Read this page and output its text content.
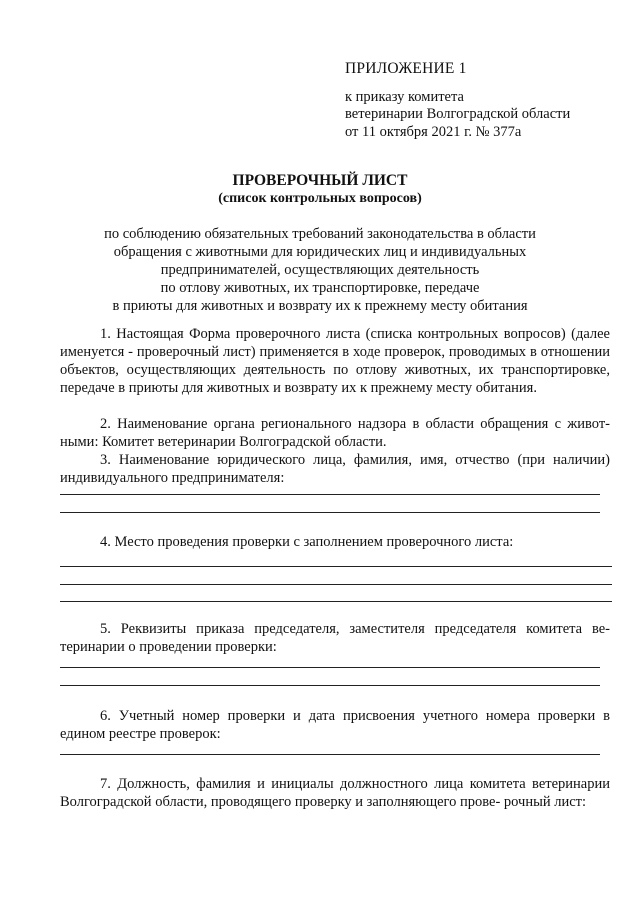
ПРИЛОЖЕНИЕ 1
к приказу комитета
ветеринарии Волгоградской области
от 11 октября 2021 г. № 377а
ПРОВЕРОЧНЫЙ ЛИСТ
(список контрольных вопросов)
по соблюдению обязательных требований законодательства в области
обращения с животными для юридических лиц и индивидуальных
предпринимателей, осуществляющих деятельность
по отлову животных, их транспортировке, передаче
в приюты для животных и возврату их к прежнему месту обитания
1. Настоящая Форма проверочного листа (списка контрольных вопросов) (далее именуется - проверочный лист) применяется в ходе проверок, проводимых в отношении объектов, осуществляющих деятельность по отлову животных, их транспортировке, передаче в приюты для животных и возврату их к прежнему месту обитания.
2. Наименование органа регионального надзора в области обращения с живот- ными: Комитет ветеринарии Волгоградской области.
3. Наименование юридического лица, фамилия, имя, отчество (при наличии) индивидуального предпринимателя:
4. Место проведения проверки с заполнением проверочного листа:
5. Реквизиты приказа председателя, заместителя председателя комитета ве- теринарии о проведении проверки:
6. Учетный номер проверки и дата присвоения учетного номера проверки в едином реестре проверок:
7. Должность, фамилия и инициалы должностного лица комитета ветеринарии Волгоградской области, проводящего проверку и заполняющего прове- рочный лист:
